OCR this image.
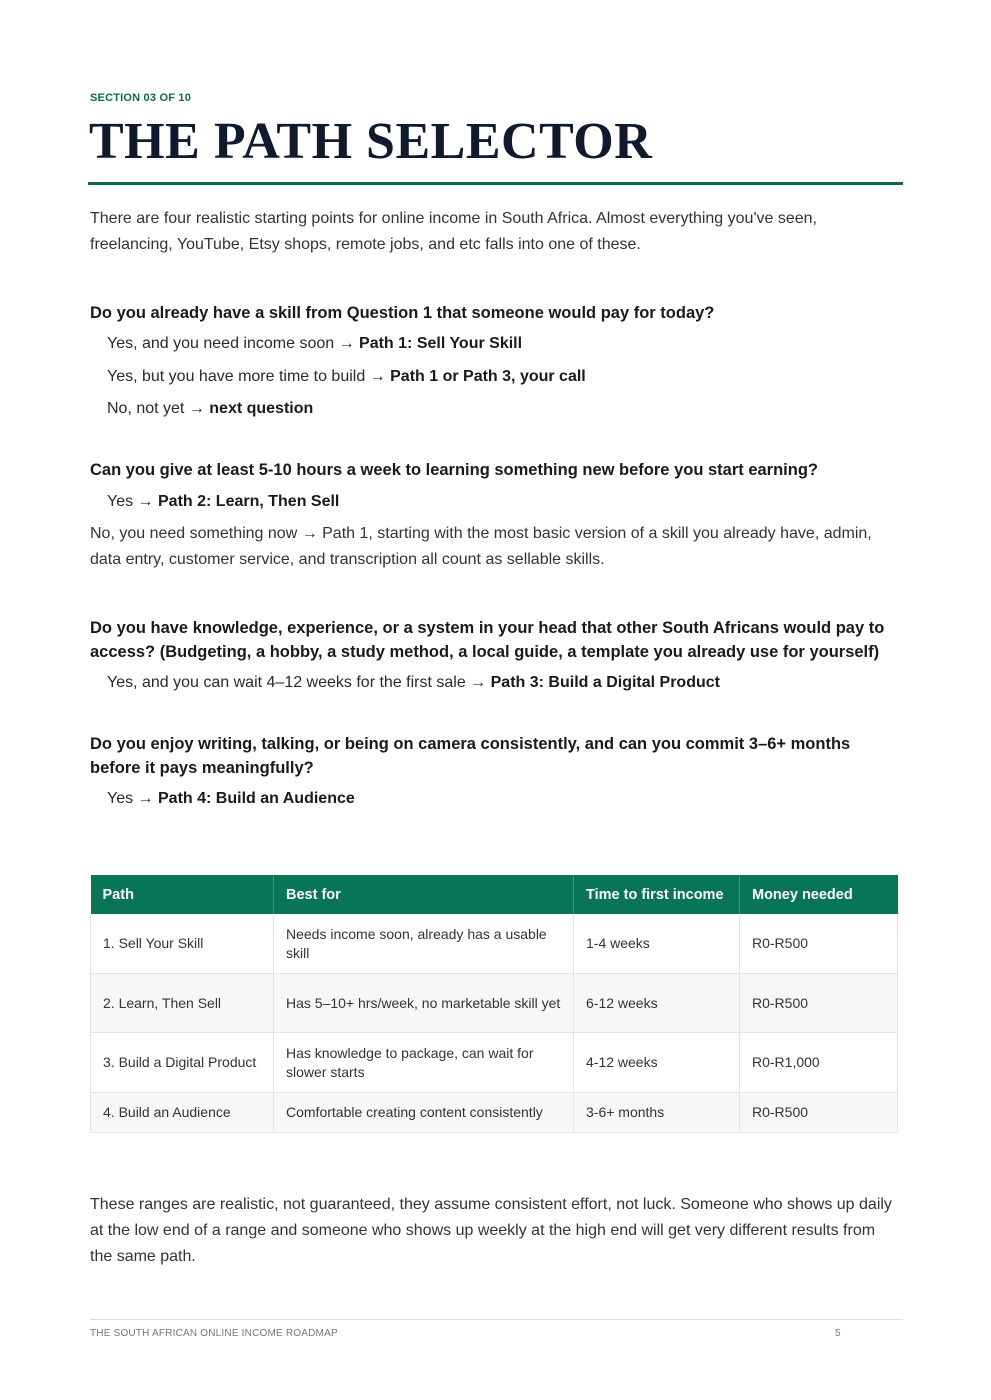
SECTION 03 OF 10
THE PATH SELECTOR
There are four realistic starting points for online income in South Africa. Almost everything you've seen, freelancing, YouTube, Etsy shops, remote jobs, and etc falls into one of these.
Do you already have a skill from Question 1 that someone would pay for today?
Yes, and you need income soon → Path 1: Sell Your Skill
Yes, but you have more time to build → Path 1 or Path 3, your call
No, not yet → next question
Can you give at least 5-10 hours a week to learning something new before you start earning?
Yes → Path 2: Learn, Then Sell
No, you need something now → Path 1, starting with the most basic version of a skill you already have, admin, data entry, customer service, and transcription all count as sellable skills.
Do you have knowledge, experience, or a system in your head that other South Africans would pay to access? (Budgeting, a hobby, a study method, a local guide, a template you already use for yourself)
Yes, and you can wait 4–12 weeks for the first sale → Path 3: Build a Digital Product
Do you enjoy writing, talking, or being on camera consistently, and can you commit 3–6+ months before it pays meaningfully?
Yes → Path 4: Build an Audience
Path	Best for	Time to first income	Money needed
1. Sell Your Skill	Needs income soon, already has a usable skill	1-4 weeks	R0-R500
2. Learn, Then Sell	Has 5–10+ hrs/week, no marketable skill yet	6-12 weeks	R0-R500
3. Build a Digital Product	Has knowledge to package, can wait for slower starts	4-12 weeks	R0-R1,000
4. Build an Audience	Comfortable creating content consistently	3-6+ months	R0-R500
These ranges are realistic, not guaranteed, they assume consistent effort, not luck. Someone who shows up daily at the low end of a range and someone who shows up weekly at the high end will get very different results from the same path.
THE SOUTH AFRICAN ONLINE INCOME ROADMAP	5
